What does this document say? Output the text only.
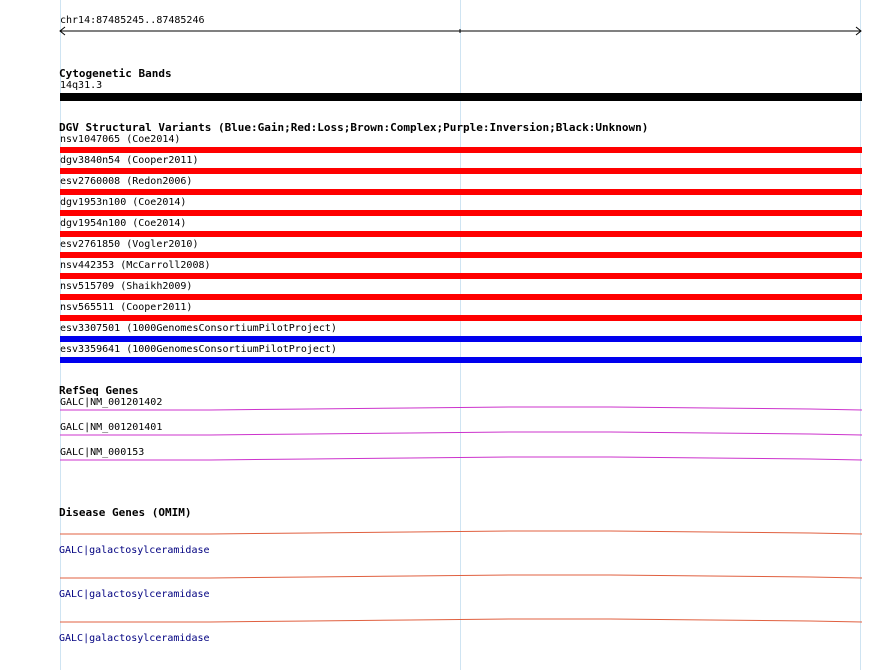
chr14:87485245..87485246
Cytogenetic Bands
14q31.3
DGV Structural Variants (Blue:Gain;Red:Loss;Brown:Complex;Purple:Inversion;Black:Unknown)
nsv1047065 (Coe2014)
dgv3840n54 (Cooper2011)
esv2760008 (Redon2006)
dgv1953n100 (Coe2014)
dgv1954n100 (Coe2014)
esv2761850 (Vogler2010)
nsv442353 (McCarroll2008)
nsv515709 (Shaikh2009)
nsv565511 (Cooper2011)
esv3307501 (1000GenomesConsortiumPilotProject)
esv3359641 (1000GenomesConsortiumPilotProject)
RefSeq Genes
GALC|NM_001201402
GALC|NM_001201401
GALC|NM_000153
Disease Genes (OMIM)
GALC|galactosylceramidase
GALC|galactosylceramidase
GALC|galactosylceramidase
